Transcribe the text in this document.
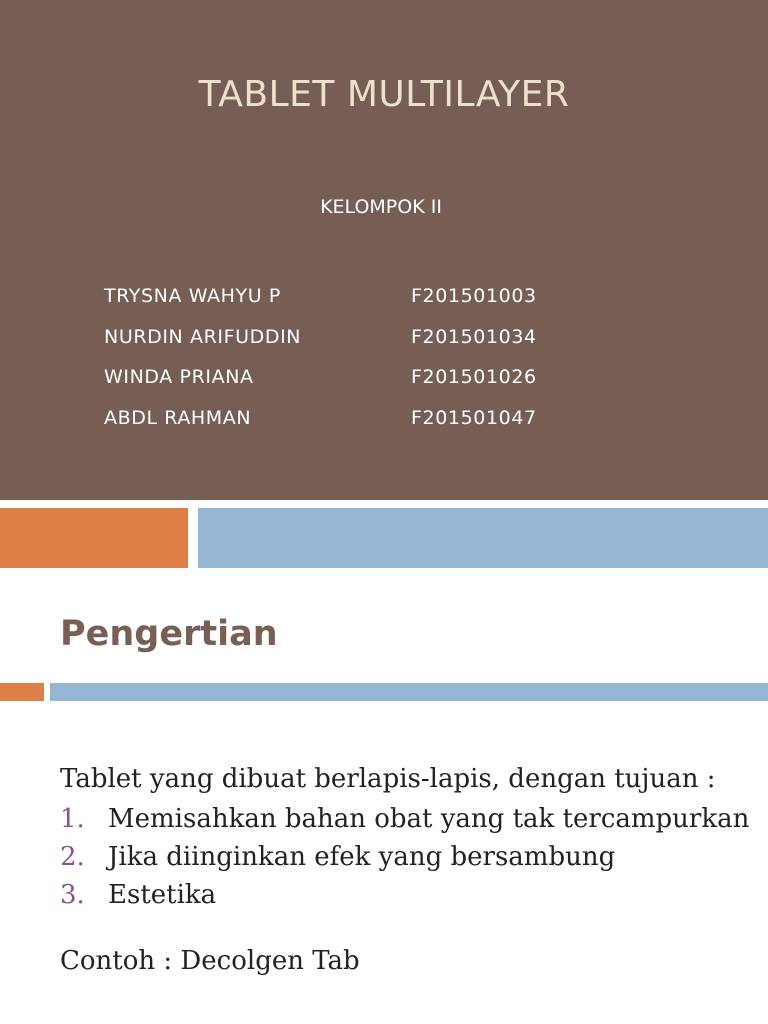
TABLET MULTILAYER
KELOMPOK II
TRYSNA WAHYU P	F201501003
NURDIN ARIFUDDIN	F201501034
WINDA PRIANA	F201501026
ABDL RAHMAN	F201501047
Pengertian

Tablet yang dibuat berlapis-lapis, dengan tujuan :

1. Memisahkan bahan obat yang tak tercampurkan
2. Jika diinginkan efek yang bersambung
3. Estetika
Contoh : Decolgen Tab
